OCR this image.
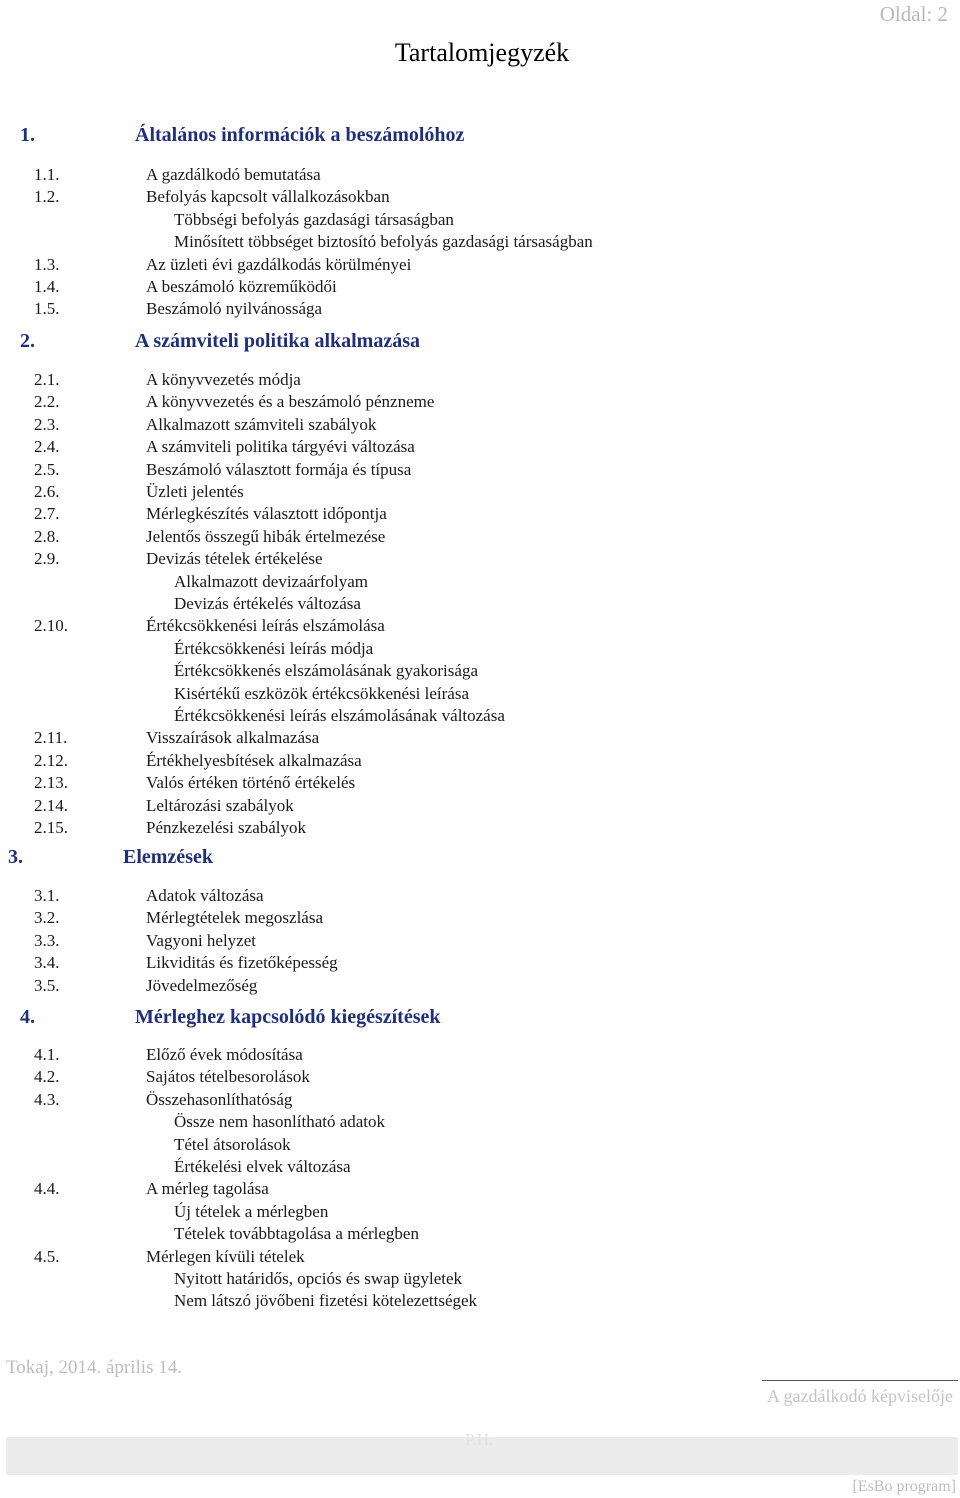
Oldal: 2
Tartalomjegyzék
1.	Általános információk a beszámolóhoz
1.1.	A gazdálkodó bemutatása
1.2.	Befolyás kapcsolt vállalkozásokban
Többségi befolyás gazdasági társaságban
Minősített többséget biztosító befolyás gazdasági társaságban
1.3.	Az üzleti évi gazdálkodás körülményei
1.4.	A beszámoló közreműködői
1.5.	Beszámoló nyilvánossága
2.	A számviteli politika alkalmazása
2.1.	A könyvvezetés módja
2.2.	A könyvvezetés és a beszámoló pénzneme
2.3.	Alkalmazott számviteli szabályok
2.4.	A számviteli politika tárgyévi változása
2.5.	Beszámoló választott formája és típusa
2.6.	Üzleti jelentés
2.7.	Mérlegkészítés választott időpontja
2.8.	Jelentős összegű hibák értelmezése
2.9.	Devizás tételek értékelése
Alkalmazott devizaárfolyam
Devizás értékelés változása
2.10.	Értékcsökkenési leírás elszámolása
Értékcsökkenési leírás módja
Értékcsökkenés elszámolásának gyakorisága
Kisértékű eszközök értékcsökkenési leírása
Értékcsökkenési leírás elszámolásának változása
2.11.	Visszaírások alkalmazása
2.12.	Értékhelyesbítések alkalmazása
2.13.	Valós értéken történő értékelés
2.14.	Leltározási szabályok
2.15.	Pénzkezelési szabályok
3.	Elemzések
3.1.	Adatok változása
3.2.	Mérlegtételek megoszlása
3.3.	Vagyoni helyzet
3.4.	Likviditás és fizetőképesség
3.5.	Jövedelmezőség
4.	Mérleghez kapcsolódó kiegészítések
4.1.	Előző évek módosítása
4.2.	Sajátos tételbesorolások
4.3.	Összehasonlíthatóság
Össze nem hasonlítható adatok
Tétel átsorolások
Értékelési elvek változása
4.4.	A mérleg tagolása
Új tételek a mérlegben
Tételek továbbtagolása a mérlegben
4.5.	Mérlegen kívüli tételek
Nyitott határidős, opciós és swap ügyletek
Nem látszó jövőbeni fizetési kötelezettségek
Tokaj, 2014. április 14.
A gazdálkodó képviselője
P.H.
[EsBo program]
